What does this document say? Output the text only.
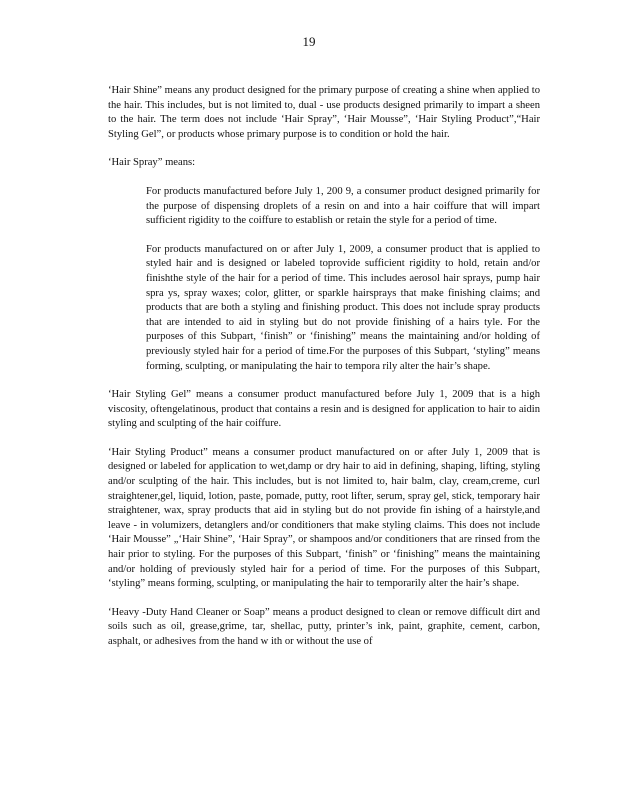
19

‘Hair Shine” means any product designed for the primary purpose of creating a shine when applied to the hair. This includes, but is not limited to, dual - use products designed primarily to impart a sheen to the hair. The term does not include ‘Hair Spray”, ‘Hair Mousse”, ‘Hair Styling Product”,“Hair Styling Gel”, or products whose primary purpose is to condition or hold the hair.

‘Hair Spray” means:

For products manufactured before July 1, 200 9, a consumer product designed primarily for the purpose of dispensing droplets of a resin on and into a hair coiffure that will impart sufficient rigidity to the coiffure to establish or retain the style for a period of time.

For products manufactured on or after July 1, 2009, a consumer product that is applied to styled hair and is designed or labeled toprovide sufficient rigidity to hold, retain and/or finishthe style of the hair for a period of time. This includes aerosol hair sprays, pump hair spra ys, spray waxes; color, glitter, or sparkle hairsprays that make finishing claims; and products that are both a styling and finishing product. This does not include spray products that are intended to aid in styling but do not provide finishing of a hairs tyle. For the purposes of this Subpart, ‘finish” or ‘finishing” means the maintaining and/or holding of previously styled hair for a period of time.For the purposes of this Subpart, ‘styling” means forming, sculpting, or manipulating the hair to tempora rily alter the hair’s shape.

‘Hair Styling Gel” means a consumer product manufactured before July 1, 2009 that is a high viscosity, oftengelatinous, product that contains a resin and is designed for application to hair to aidin styling and sculpting of the hair coiffure.

‘Hair Styling Product” means a consumer product manufactured on or after July 1, 2009 that is designed or labeled for application to wet,damp or dry hair to aid in defining, shaping, lifting, styling and/or sculpting of the hair. This includes, but is not limited to, hair balm, clay, cream,creme, curl straightener,gel, liquid, lotion, paste, pomade, putty, root lifter, serum, spray gel, stick, temporary hair straightener, wax, spray products that aid in styling but do not provide fin ishing of a hairstyle,and leave - in volumizers, detanglers and/or conditioners that make styling claims. This does not include ‘Hair Mousse” „‘Hair Shine”, ‘Hair Spray”, or shampoos and/or conditioners that are rinsed from the hair prior to styling. For the purposes of this Subpart, ‘finish” or ‘finishing” means the maintaining and/or holding of previously styled hair for a period of time. For the purposes of this Subpart, ‘styling” means forming, sculpting, or manipulating the hair to temporarily alter the hair’s shape.

‘Heavy -Duty Hand Cleaner or Soap” means a product designed to clean or remove difficult dirt and soils such as oil, grease,grime, tar, shellac, putty, printer’s ink, paint, graphite, cement, carbon, asphalt, or adhesives from the hand w ith or without the use of
